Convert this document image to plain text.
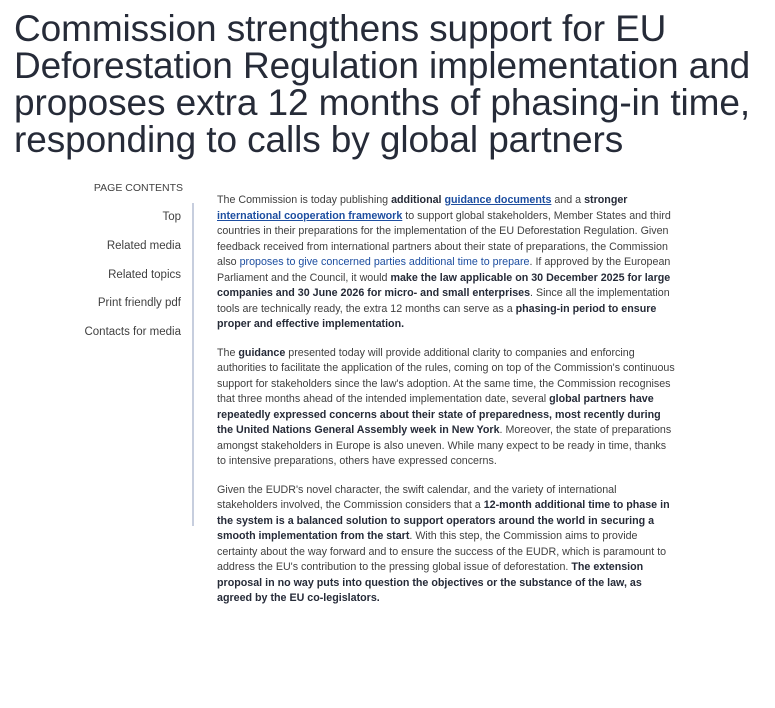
Commission strengthens support for EU Deforestation Regulation implementation and proposes extra 12 months of phasing-in time, responding to calls by global partners
PAGE CONTENTS
Top
Related media
Related topics
Print friendly pdf
Contacts for media

The Commission is today publishing additional guidance documents and a stronger international cooperation framework to support global stakeholders, Member States and third countries in their preparations for the implementation of the EU Deforestation Regulation. Given feedback received from international partners about their state of preparations, the Commission also proposes to give concerned parties additional time to prepare. If approved by the European Parliament and the Council, it would make the law applicable on 30 December 2025 for large companies and 30 June 2026 for micro- and small enterprises. Since all the implementation tools are technically ready, the extra 12 months can serve as a phasing-in period to ensure proper and effective implementation.

The guidance presented today will provide additional clarity to companies and enforcing authorities to facilitate the application of the rules, coming on top of the Commission's continuous support for stakeholders since the law's adoption. At the same time, the Commission recognises that three months ahead of the intended implementation date, several global partners have repeatedly expressed concerns about their state of preparedness, most recently during the United Nations General Assembly week in New York. Moreover, the state of preparations amongst stakeholders in Europe is also uneven. While many expect to be ready in time, thanks to intensive preparations, others have expressed concerns.

Given the EUDR's novel character, the swift calendar, and the variety of international stakeholders involved, the Commission considers that a 12-month additional time to phase in the system is a balanced solution to support operators around the world in securing a smooth implementation from the start. With this step, the Commission aims to provide certainty about the way forward and to ensure the success of the EUDR, which is paramount to address the EU's contribution to the pressing global issue of deforestation. The extension proposal in no way puts into question the objectives or the substance of the law, as agreed by the EU co-legislators.
